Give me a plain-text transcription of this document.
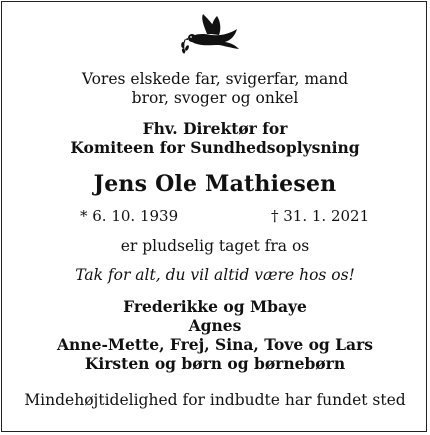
Vores elskede far, svigerfar, mand
bror, svoger og onkel
Fhv. Direktør for
Komiteen for Sundhedsoplysning
Jens Ole Mathiesen
* 6. 10. 1939	† 31. 1. 2021
er pludselig taget fra os
Tak for alt, du vil altid være hos os!
Frederikke og Mbaye
Agnes
Anne-Mette, Frej, Sina, Tove og Lars
Kirsten og børn og børnebørn
Mindehøjtidelighed for indbudte har fundet sted
